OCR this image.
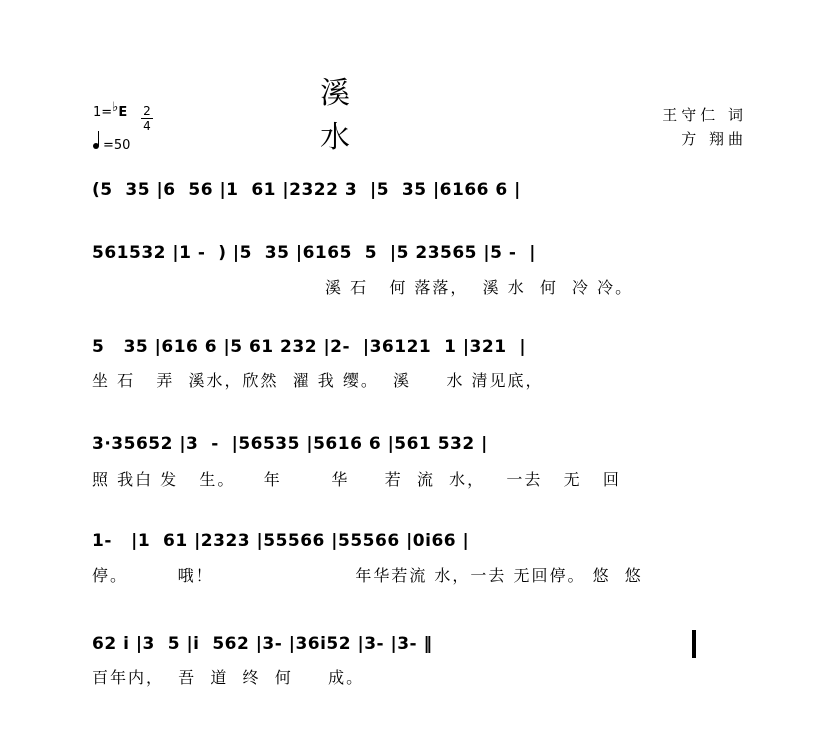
溪 水
1=♭E 2
4
=50
王守仁 词
方 翔曲
(5  35 |6  56 |1  61 |2322 3  |5  35 |6166 6 |
561532 |1 -  ) |5  35 |6165  5  |5 23565 |5 -  |
溪 石   何 落落，  溪 水  何  冷 冷。
5   35 |616 6 |5 61 232 |2-  |36121  1 |321  |
坐 石   弄  溪水，欣然  濯 我 缨。  溪     水 清见底，
3·35652 |3  -  |56535 |5616 6 |561 532 |
照 我白 发   生。    年       华     若  流  水，   一去   无   回
1-   |1  61 |2323 |55566 |55566 |0i66 |
停。       哦！                    年华若流 水，一去 无回停。 悠  悠
62 i |3  5 |i  562 |3- |36i52 |3- |3- ‖
百年内，  吾  道  终  何     成。
